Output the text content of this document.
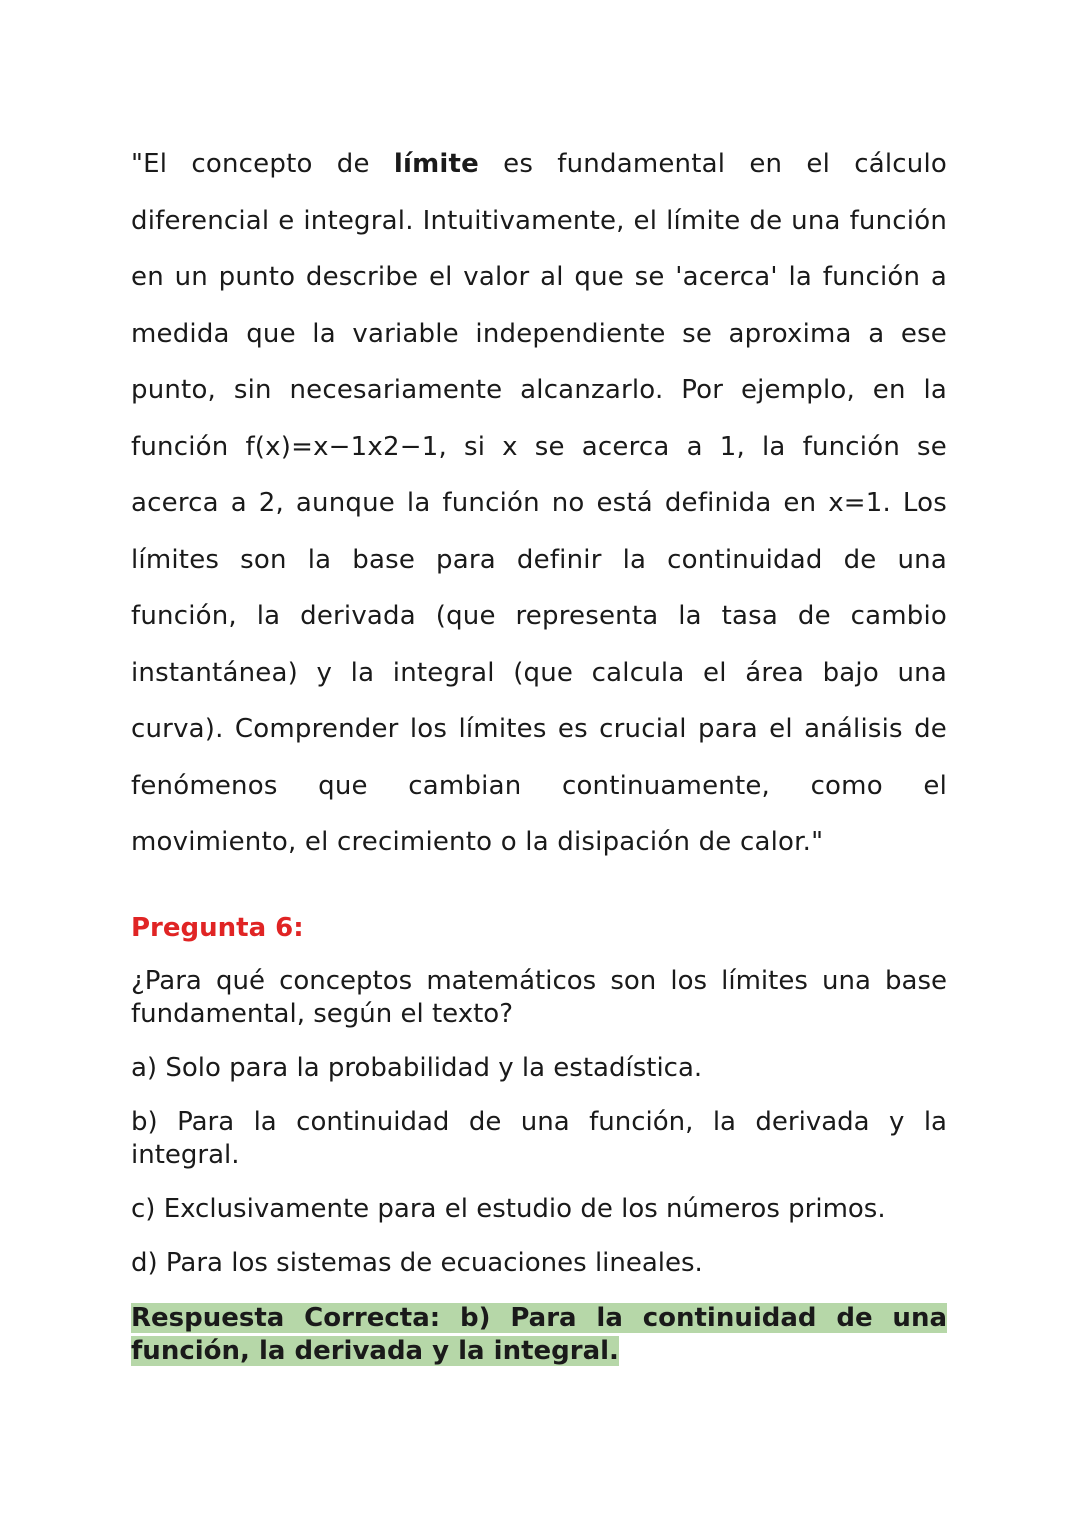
"El concepto de límite es fundamental en el cálculo diferencial e integral. Intuitivamente, el límite de una función en un punto describe el valor al que se 'acerca' la función a medida que la variable independiente se aproxima a ese punto, sin necesariamente alcanzarlo. Por ejemplo, en la función f(x)=x−1x2−1, si x se acerca a 1, la función se acerca a 2, aunque la función no está definida en x=1. Los límites son la base para definir la continuidad de una función, la derivada (que representa la tasa de cambio instantánea) y la integral (que calcula el área bajo una curva). Comprender los límites es crucial para el análisis de fenómenos que cambian continuamente, como el movimiento, el crecimiento o la disipación de calor."

Pregunta 6:

¿Para qué conceptos matemáticos son los límites una base fundamental, según el texto?

a) Solo para la probabilidad y la estadística.

b) Para la continuidad de una función, la derivada y la integral.

c) Exclusivamente para el estudio de los números primos.

d) Para los sistemas de ecuaciones lineales.

Respuesta Correcta: b) Para la continuidad de una función, la derivada y la integral.
